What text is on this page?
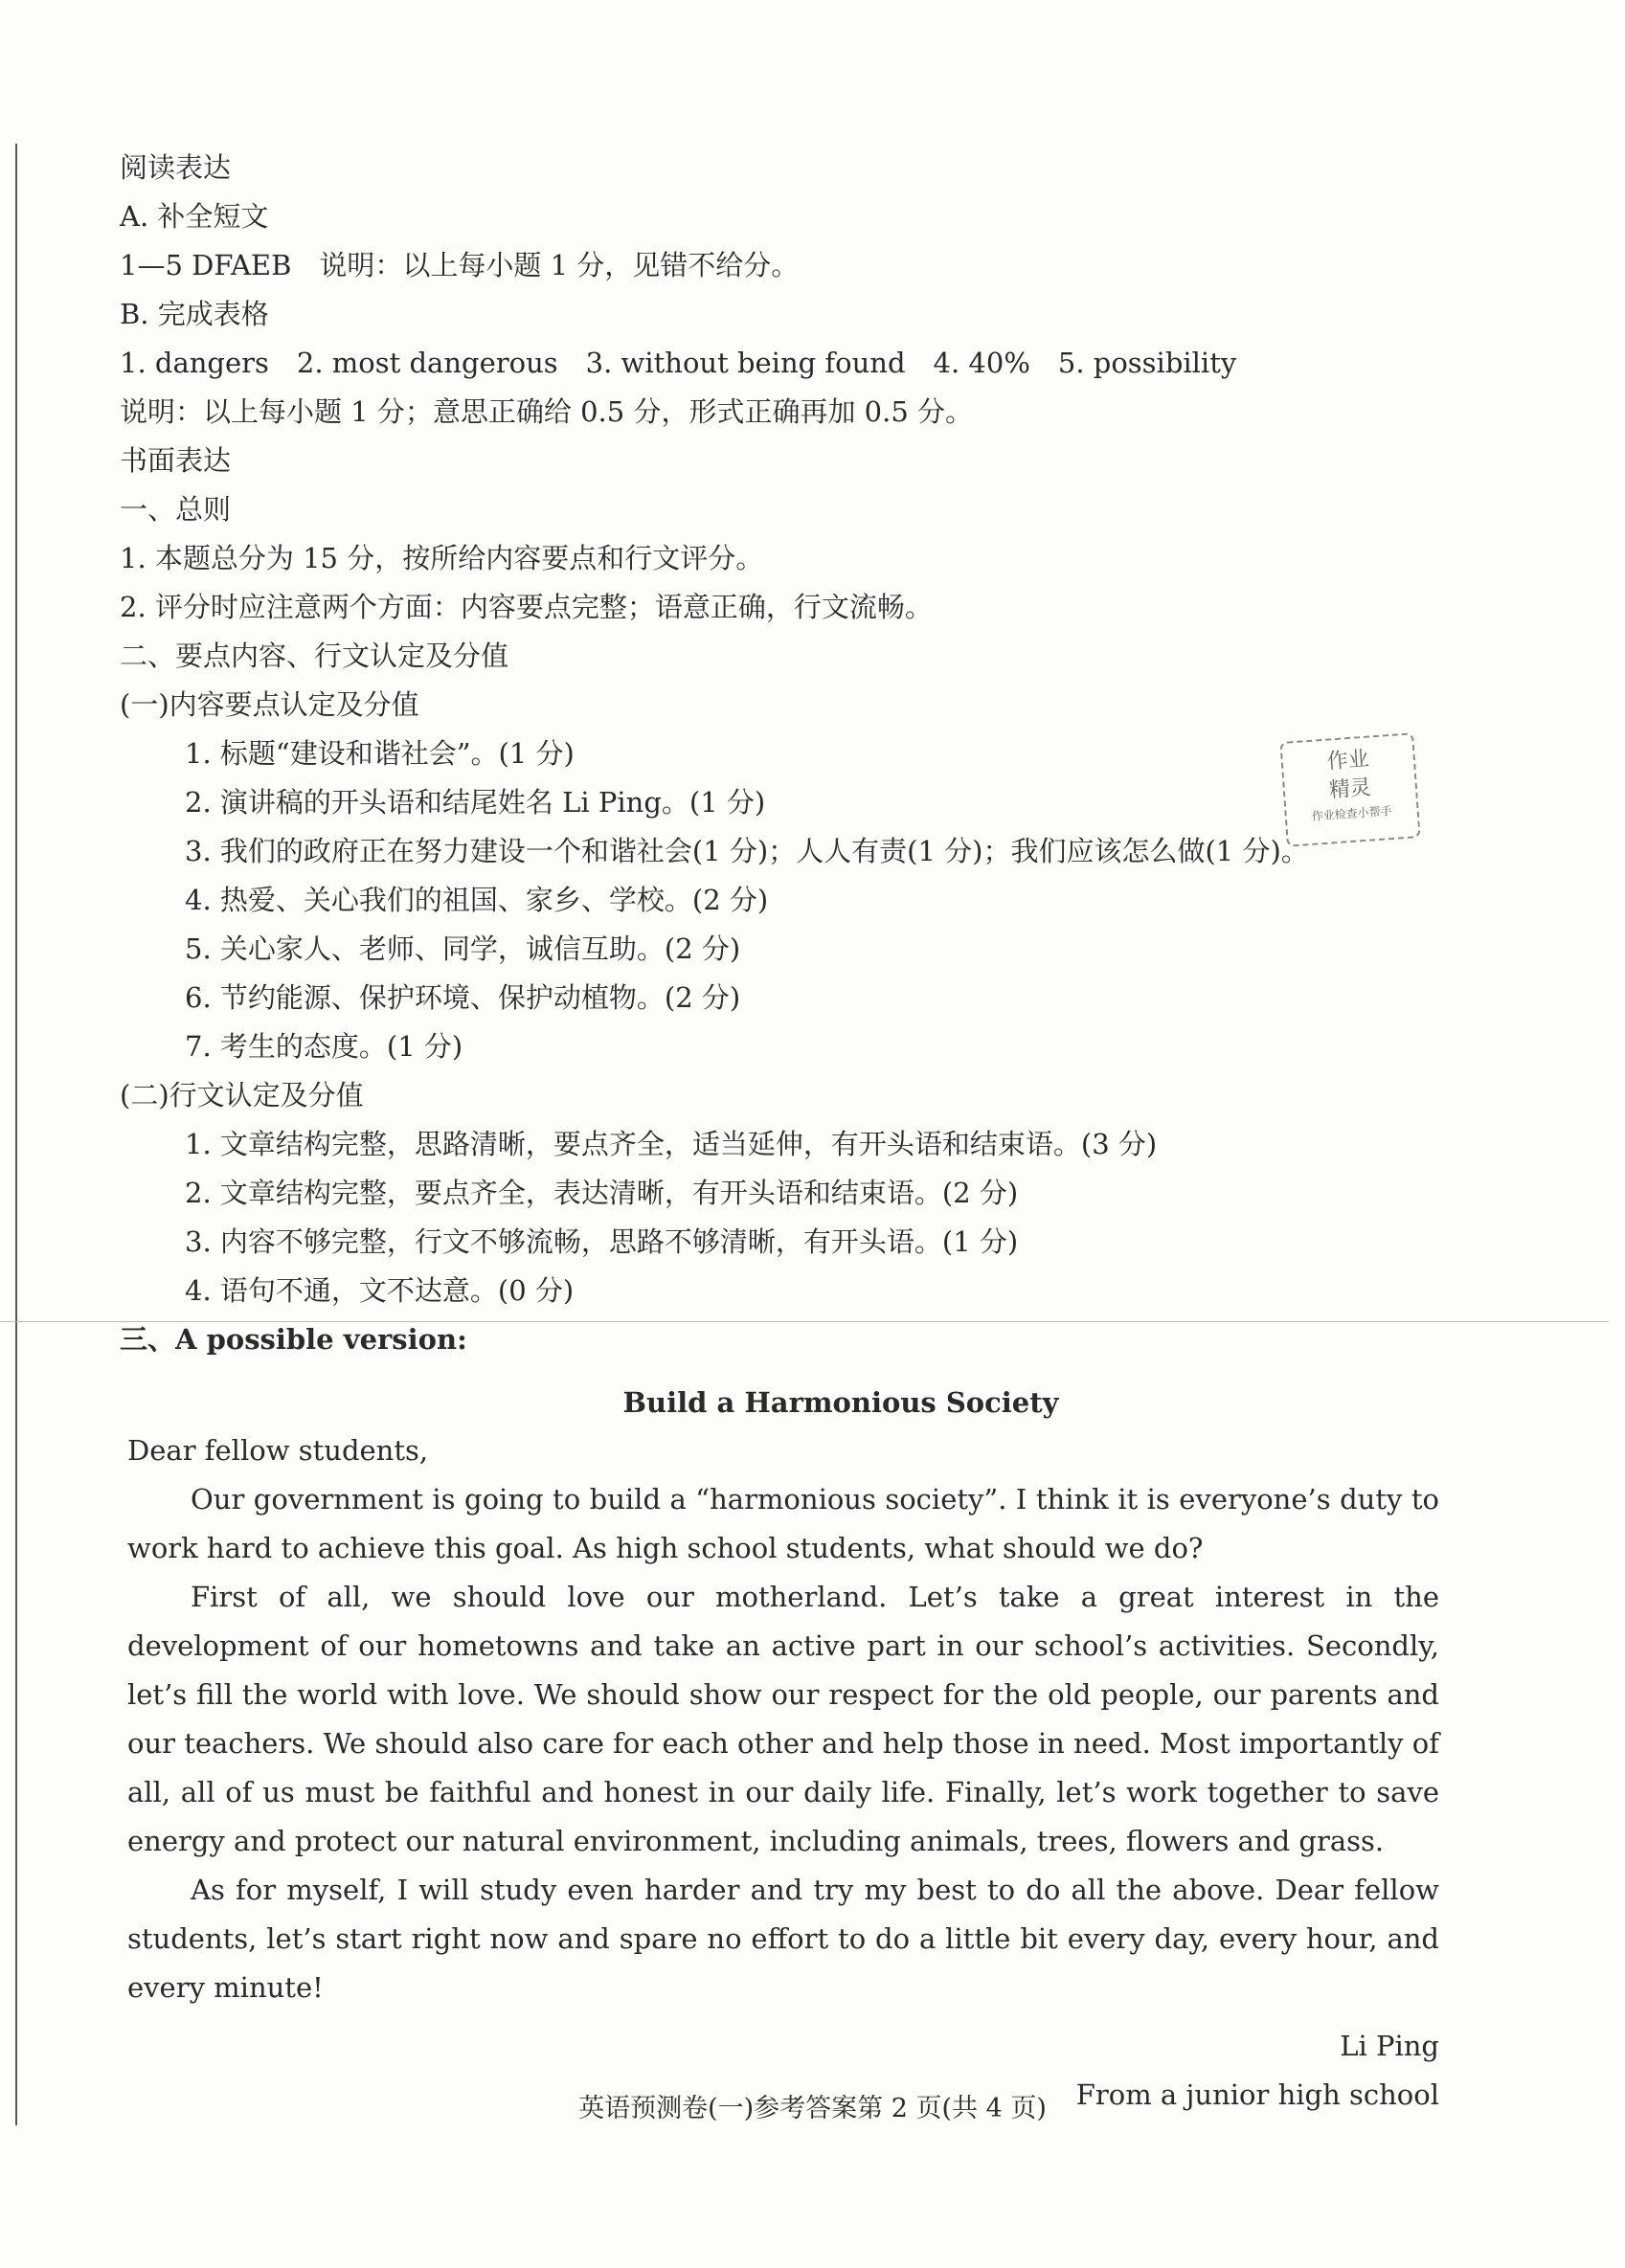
阅读表达
A. 补全短文
1—5 DFAEB　说明：以上每小题 1 分，见错不给分。
B. 完成表格
1. dangers　2. most dangerous　3. without being found　4. 40%　5. possibility
说明：以上每小题 1 分；意思正确给 0.5 分，形式正确再加 0.5 分。
书面表达
一、总则
1. 本题总分为 15 分，按所给内容要点和行文评分。
2. 评分时应注意两个方面：内容要点完整；语意正确，行文流畅。
二、要点内容、行文认定及分值
(一)内容要点认定及分值
1. 标题“建设和谐社会”。(1 分)
2. 演讲稿的开头语和结尾姓名 Li Ping。(1 分)
3. 我们的政府正在努力建设一个和谐社会(1 分)；人人有责(1 分)；我们应该怎么做(1 分)。
4. 热爱、关心我们的祖国、家乡、学校。(2 分)
5. 关心家人、老师、同学，诚信互助。(2 分)
6. 节约能源、保护环境、保护动植物。(2 分)
7. 考生的态度。(1 分)
(二)行文认定及分值
1. 文章结构完整，思路清晰，要点齐全，适当延伸，有开头语和结束语。(3 分)
2. 文章结构完整，要点齐全，表达清晰，有开头语和结束语。(2 分)
3. 内容不够完整，行文不够流畅，思路不够清晰，有开头语。(1 分)
4. 语句不通，文不达意。(0 分)
三、A possible version:
作业
精灵
作业检查小帮手
Build a Harmonious Society

Dear fellow students,

Our government is going to build a “harmonious society”. I think it is everyone’s duty to work hard to achieve this goal. As high school students, what should we do?

First of all, we should love our motherland. Let’s take a great interest in the development of our hometowns and take an active part in our school’s activities. Secondly, let’s fill the world with love. We should show our respect for the old people, our parents and our teachers. We should also care for each other and help those in need. Most importantly of all, all of us must be faithful and honest in our daily life. Finally, let’s work together to save energy and protect our natural environment, including animals, trees, flowers and grass.

As for myself, I will study even harder and try my best to do all the above. Dear fellow students, let’s start right now and spare no effort to do a little bit every day, every hour, and every minute!

Li Ping
From a junior high school
英语预测卷(一)参考答案第 2 页(共 4 页)
